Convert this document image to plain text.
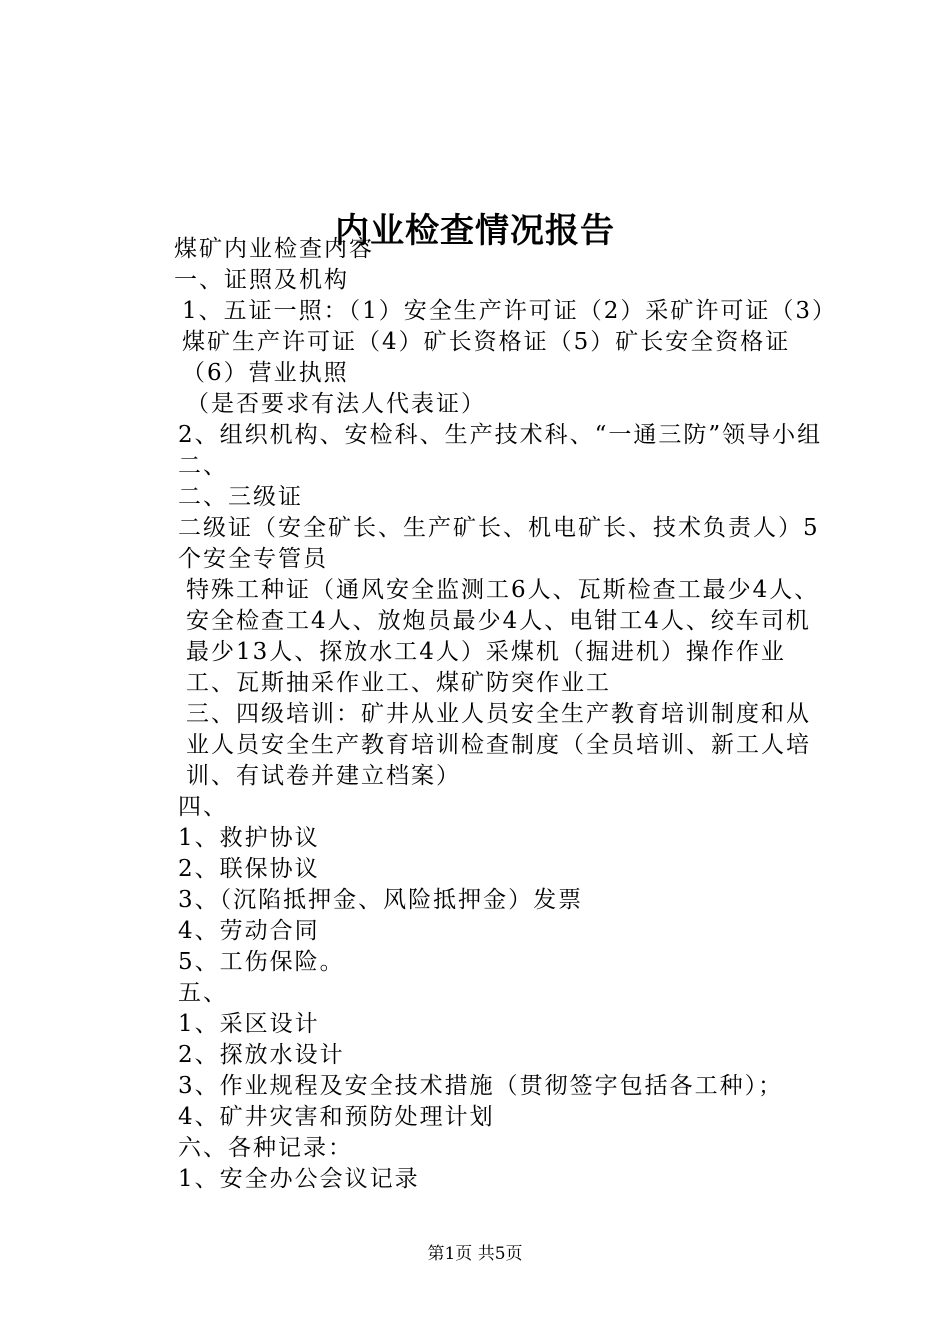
内业检查情况报告

煤矿内业检查内容

一、证照及机构

1、五证一照：（1）安全生产许可证（2）采矿许可证（3）煤矿生产许可证（4）矿长资格证（5）矿长安全资格证（6）营业执照

（是否要求有法人代表证）

2、组织机构、安检科、生产技术科、“一通三防”领导小组二、

二、三级证

二级证（安全矿长、生产矿长、机电矿长、技术负责人）5个安全专管员

特殊工种证（通风安全监测工6人、瓦斯检查工最少4人、安全检查工4人、放炮员最少4人、电钳工4人、绞车司机最少13人、探放水工4人）采煤机（掘进机）操作作业工、瓦斯抽采作业工、煤矿防突作业工

三、四级培训：矿井从业人员安全生产教育培训制度和从业人员安全生产教育培训检查制度（全员培训、新工人培训、有试卷并建立档案）

四、

1、救护协议

2、联保协议

3、（沉陷抵押金、风险抵押金）发票

4、劳动合同

5、工伤保险。

五、

1、采区设计

2、探放水设计

3、作业规程及安全技术措施（贯彻签字包括各工种）；

4、矿井灾害和预防处理计划

六、各种记录：

1、安全办公会议记录

第1页 共5页
